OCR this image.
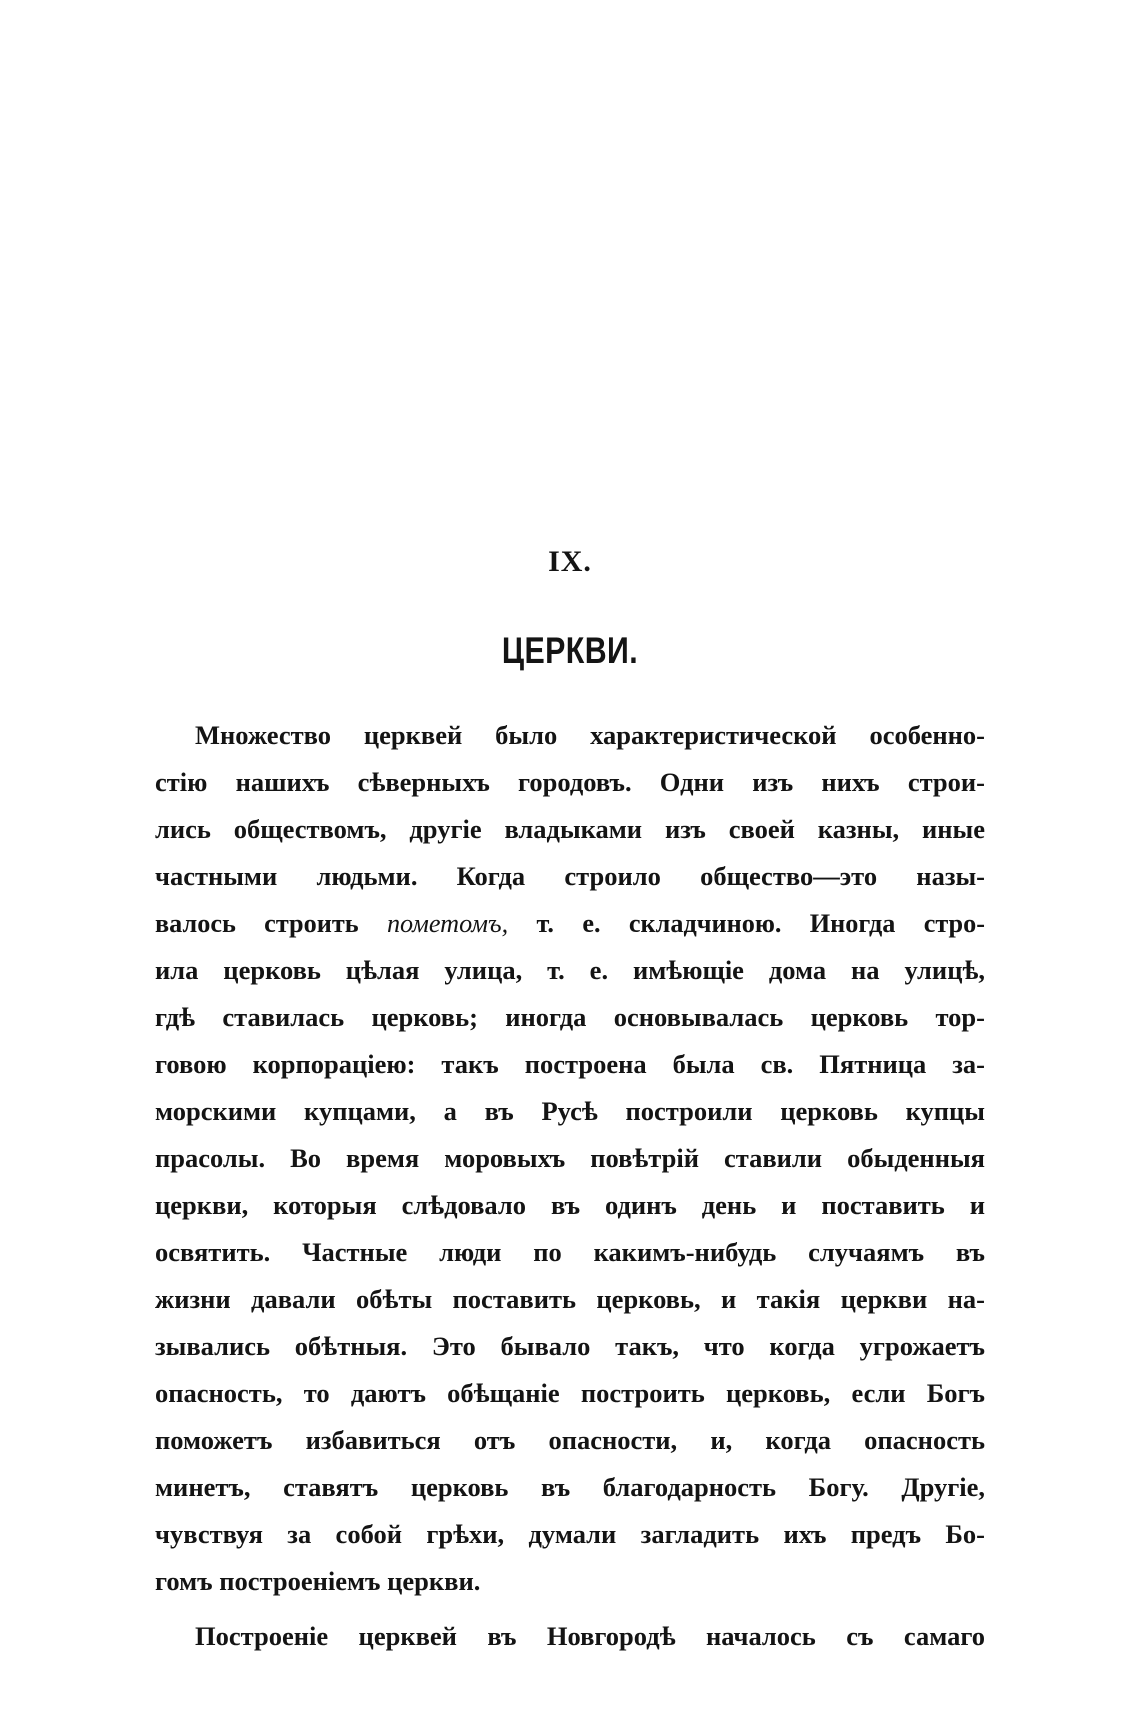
IX.
ЦЕРКВИ.
Множество церквей было характеристической особенно-
стію нашихъ сѣверныхъ городовъ. Одни изъ нихъ строи-
лись обществомъ, другіе владыками изъ своей казны, иные
частными людьми. Когда строило общество—это назы-
валось строить пометомъ, т. е. складчиною. Иногда стро-
ила церковь цѣлая улица, т. е. имѣющіе дома на улицѣ,
гдѣ ставилась церковь; иногда основывалась церковь тор-
говою корпораціею: такъ построена была св. Пятница за-
морскими купцами, а въ Русѣ построили церковь купцы
прасолы. Во время моровыхъ повѣтрій ставили обыденныя
церкви, которыя слѣдовало въ одинъ день и поставить и
освятить. Частные люди по какимъ-нибудь случаямъ въ
жизни давали обѣты поставить церковь, и такія церкви на-
зывались обѣтныя. Это бывало такъ, что когда угрожаетъ
опасность, то даютъ обѣщаніе построить церковь, если Богъ
поможетъ избавиться отъ опасности, и, когда опасность
минетъ, ставятъ церковь въ благодарность Богу. Другіе,
чувствуя за собой грѣхи, думали загладить ихъ предъ Бо-
гомъ построеніемъ церкви.
Построеніе церквей въ Новгородѣ началось съ самаго
